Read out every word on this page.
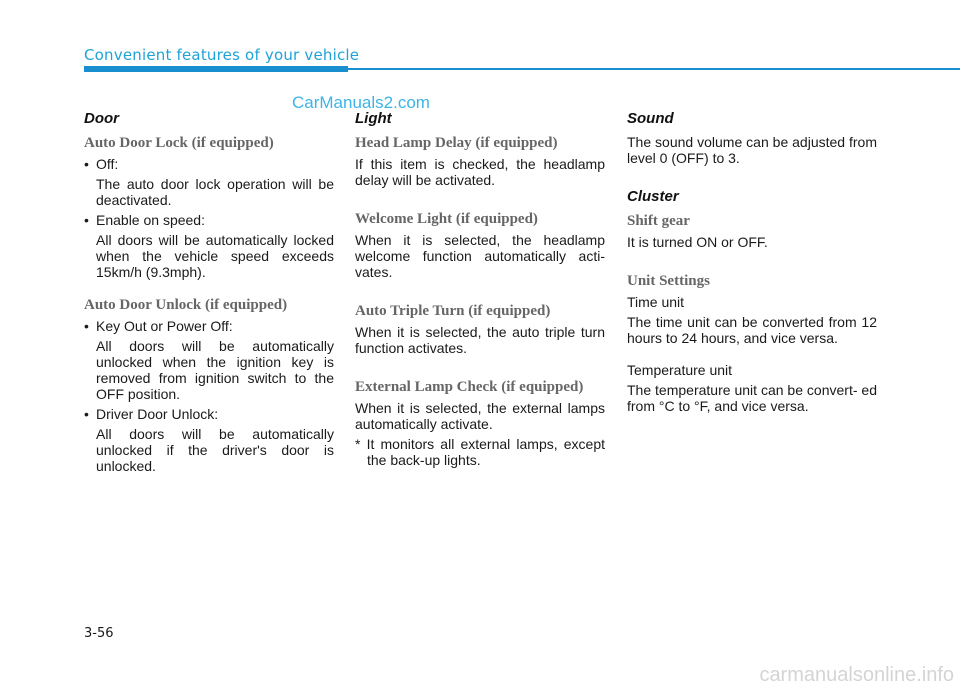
Convenient features of your vehicle
CarManuals2.com
Door
Auto Door Lock (if equipped)
• Off:
The auto door lock operation will be deactivated.
• Enable on speed:
All doors will be automatically locked when the vehicle speed exceeds 15km/h (9.3mph).
Auto Door Unlock (if equipped)
• Key Out or Power Off:
All doors will be automatically unlocked when the ignition key is removed from ignition switch to the OFF position.
• Driver Door Unlock:
All doors will be automatically unlocked if the driver's door is unlocked.
Light
Head Lamp Delay (if equipped)
If this item is checked, the headlamp delay will be activated.
Welcome Light (if equipped)
When it is selected, the headlamp welcome function automatically acti- vates.
Auto Triple Turn (if equipped)
When it is selected, the auto triple turn function activates.
External Lamp Check (if equipped)
When it is selected, the external lamps automatically activate.
* It monitors all external lamps, except the back-up lights.
Sound
The sound volume can be adjusted from level 0 (OFF) to 3.
Cluster
Shift gear
It is turned ON or OFF.
Unit Settings
Time unit
The time unit can be converted from 12 hours to 24 hours, and vice versa.
Temperature unit
The temperature unit can be convert- ed from °C to °F, and vice versa.
3-56
carmanualsonline.info
